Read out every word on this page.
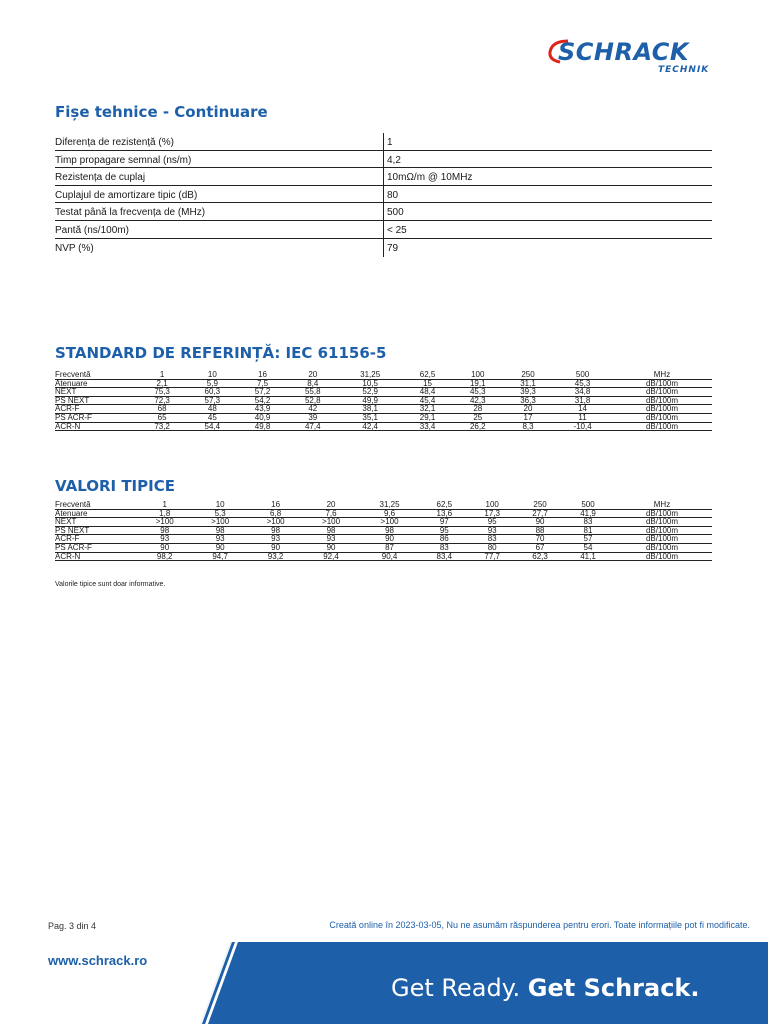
SCHRACK
TECHNIK
Fișe tehnice - Continuare
Diferența de rezistență (%)	1
Timp propagare semnal (ns/m)	4,2
Rezistența de cuplaj	10mΩ/m @ 10MHz
Cuplajul de amortizare tipic (dB)	80
Testat până la frecvența de (MHz)	500
Pantă (ns/100m)	< 25
NVP (%)	79
STANDARD DE REFERINȚĂ: IEC 61156-5
Frecventă	1	10	16	20	31,25	62,5	100	250	500	MHz
Atenuare	2,1	5,9	7,5	8,4	10,5	15	19,1	31,1	45,3	dB/100m
NEXT	75,3	60,3	57,2	55,8	52,9	48,4	45,3	39,3	34,8	dB/100m
PS NEXT	72,3	57,3	54,2	52,8	49,9	45,4	42,3	36,3	31,8	dB/100m
ACR-F	68	48	43,9	42	38,1	32,1	28	20	14	dB/100m
PS ACR-F	65	45	40,9	39	35,1	29,1	25	17	11	dB/100m
ACR-N	73,2	54,4	49,8	47,4	42,4	33,4	26,2	8,3	-10,4	dB/100m
VALORI TIPICE
Frecventă	1	10	16	20	31,25	62,5	100	250	500	MHz
Atenuare	1,8	5,3	6,8	7,6	9,6	13,6	17,3	27,7	41,9	dB/100m
NEXT	>100	>100	>100	>100	>100	97	95	90	83	dB/100m
PS NEXT	98	98	98	98	98	95	93	88	81	dB/100m
ACR-F	93	93	93	93	90	86	83	70	57	dB/100m
PS ACR-F	90	90	90	90	87	83	80	67	54	dB/100m
ACR-N	98,2	94,7	93,2	92,4	90,4	83,4	77,7	62,3	41,1	dB/100m
Valorile tipice sunt doar informative.
Pag. 3 din 4	Creată online în 2023-03-05, Nu ne asumăm răspunderea pentru erori. Toate informațiile pot fi modificate.
www.schrack.ro
Get Ready. Get Schrack.
